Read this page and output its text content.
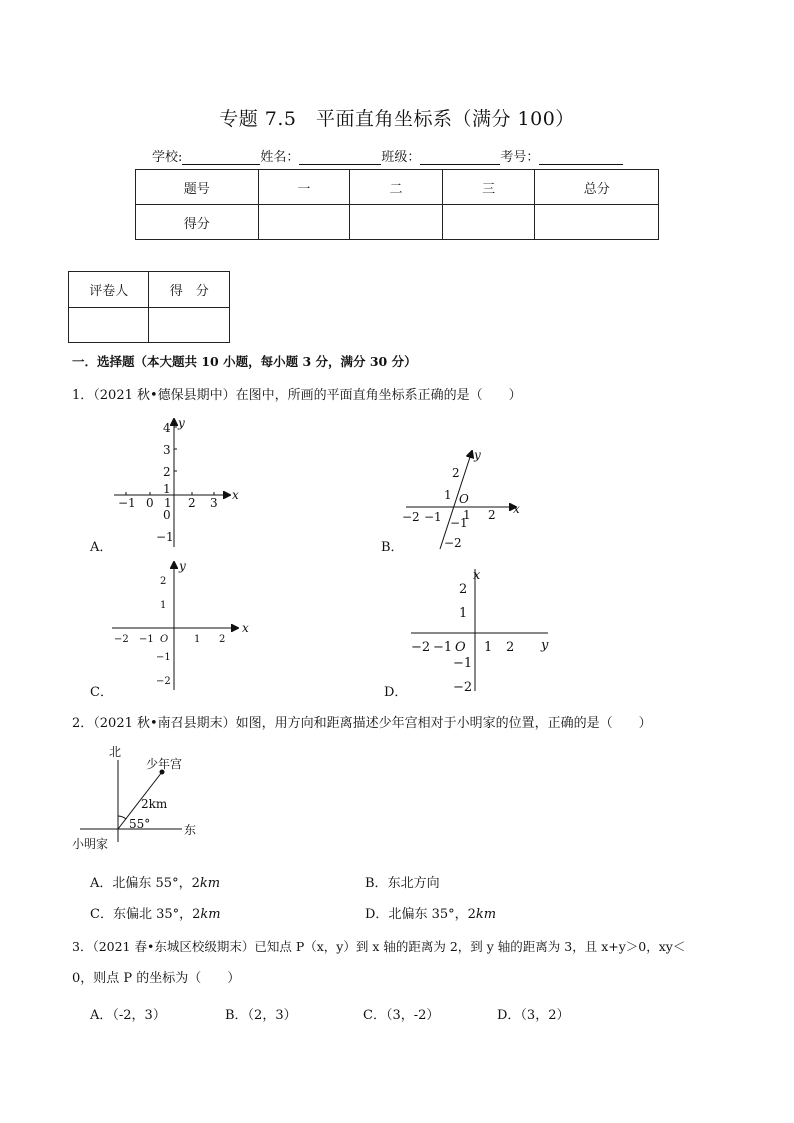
专题 7.5　平面直角坐标系（满分 100）
学校:	姓名：	班级：	考号：
题号	一	二	三	总分
得分				
评卷人	得　分

一．选择题（本大题共 10 小题，每小题 3 分，满分 30 分）
1．（2021 秋•德保县期中）在图中，所画的平面直角坐标系正确的是（　　）
A．	B．
C．	D．
x
y
−1 0 1 2 3
4
3
2
1
0
−1
x
y
O
−2 −1 1 2
2
1
−1
−2
x
y
−2 −1 O	1 2
2
1
−1
−2
y
x
−2 −1 O 1 2
2
1
−1
−2
2．（2021 秋•南召县期末）如图，用方向和距离描述少年宫相对于小明家的位置，正确的是（　　）
北
东
小明家
少年宫
2km
55°
A．北偏东 55°，2km	B．东北方向
C．东偏北 35°，2km	D．北偏东 35°，2km
3．（2021 春•东城区校级期末）已知点 P（x，y）到 x 轴的距离为 2，到 y 轴的距离为 3，且 x+y＞0，xy＜
0，则点 P 的坐标为（　　）
A．（-2，3）	B．（2，3）	C．（3，-2）	D．（3，2）
